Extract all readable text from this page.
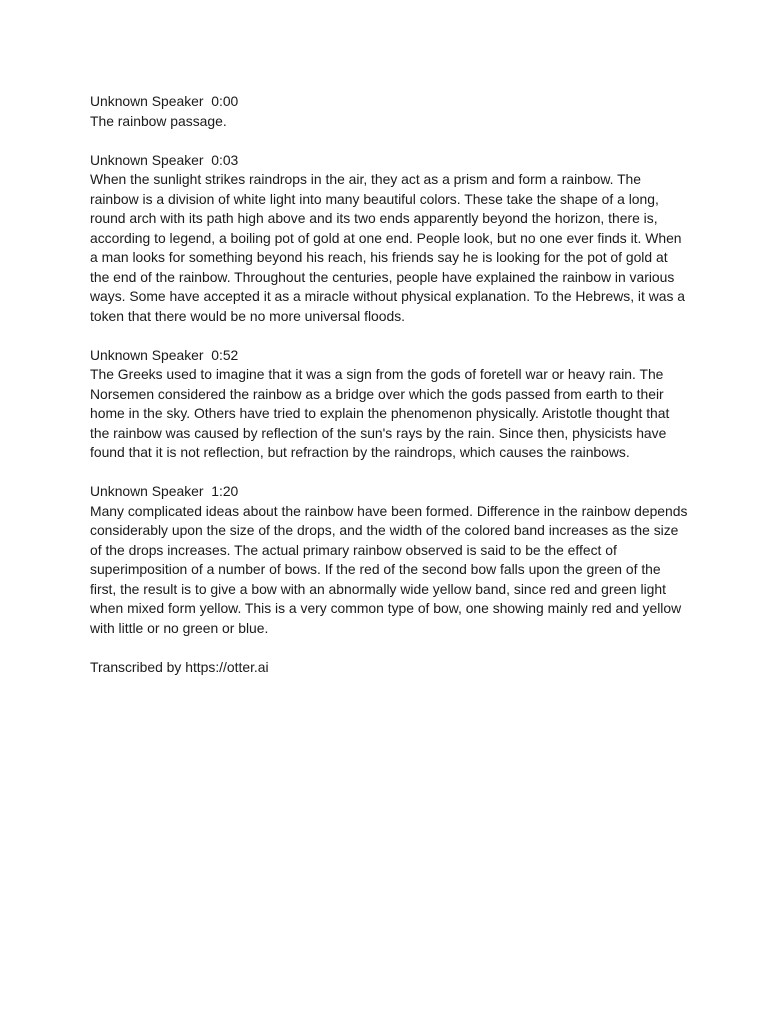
Unknown Speaker 0:00

The rainbow passage.

Unknown Speaker 0:03

When the sunlight strikes raindrops in the air, they act as a prism and form a rainbow. The rainbow is a division of white light into many beautiful colors. These take the shape of a long, round arch with its path high above and its two ends apparently beyond the horizon, there is, according to legend, a boiling pot of gold at one end. People look, but no one ever finds it. When a man looks for something beyond his reach, his friends say he is looking for the pot of gold at the end of the rainbow. Throughout the centuries, people have explained the rainbow in various ways. Some have accepted it as a miracle without physical explanation. To the Hebrews, it was a token that there would be no more universal floods.

Unknown Speaker 0:52

The Greeks used to imagine that it was a sign from the gods of foretell war or heavy rain. The Norsemen considered the rainbow as a bridge over which the gods passed from earth to their home in the sky. Others have tried to explain the phenomenon physically. Aristotle thought that the rainbow was caused by reflection of the sun's rays by the rain. Since then, physicists have found that it is not reflection, but refraction by the raindrops, which causes the rainbows.

Unknown Speaker 1:20

Many complicated ideas about the rainbow have been formed. Difference in the rainbow depends considerably upon the size of the drops, and the width of the colored band increases as the size of the drops increases. The actual primary rainbow observed is said to be the effect of superimposition of a number of bows. If the red of the second bow falls upon the green of the first, the result is to give a bow with an abnormally wide yellow band, since red and green light when mixed form yellow. This is a very common type of bow, one showing mainly red and yellow with little or no green or blue.

Transcribed by https://otter.ai
